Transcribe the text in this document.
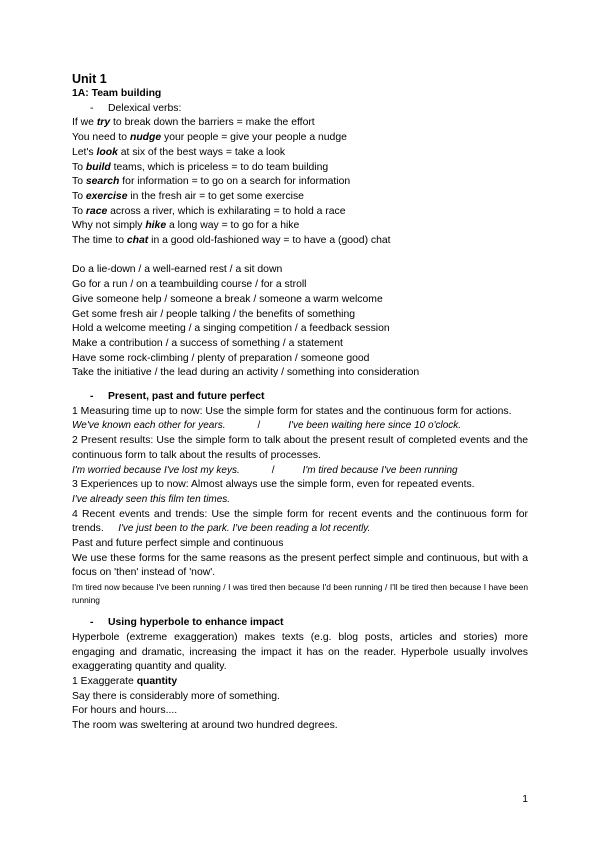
Unit 1

1A: Team building

- Delexical verbs:

If we try to break down the barriers = make the effort

You need to nudge your people = give your people a nudge

Let's look at six of the best ways = take a look

To build teams, which is priceless = to do team building

To search for information = to go on a search for information

To exercise in the fresh air = to get some exercise

To race across a river, which is exhilarating = to hold a race

Why not simply hike a long way = to go for a hike

The time to chat in a good old-fashioned way = to have a (good) chat

Do a lie-down / a well-earned rest / a sit down

Go for a run / on a teambuilding course / for a stroll

Give someone help / someone a break / someone a warm welcome

Get some fresh air / people talking / the benefits of something

Hold a welcome meeting / a singing competition / a feedback session

Make a contribution / a success of something / a statement

Have some rock-climbing / plenty of preparation / someone good

Take the initiative / the lead during an activity / something into consideration

- Present, past and future perfect

1 Measuring time up to now: Use the simple form for states and the continuous form for actions.

We've known each other for years.	/	I've been waiting here since 10 o'clock.

2 Present results: Use the simple form to talk about the present result of completed events and the continuous form to talk about the results of processes.

I'm worried because I've lost my keys.	/	I'm tired because I've been running

3 Experiences up to now: Almost always use the simple form, even for repeated events.

I've already seen this film ten times.

4 Recent events and trends: Use the simple form for recent events and the continuous form for trends. I've just been to the park. I've been reading a lot recently.

Past and future perfect simple and continuous

We use these forms for the same reasons as the present perfect simple and continuous, but with a focus on 'then' instead of 'now'.

I'm tired now because I've been running / I was tired then because I'd been running / I'll be tired then because I have been running

- Using hyperbole to enhance impact

Hyperbole (extreme exaggeration) makes texts (e.g. blog posts, articles and stories) more engaging and dramatic, increasing the impact it has on the reader. Hyperbole usually involves exaggerating quantity and quality.

1 Exaggerate quantity

Say there is considerably more of something.

For hours and hours....

The room was sweltering at around two hundred degrees.

1
